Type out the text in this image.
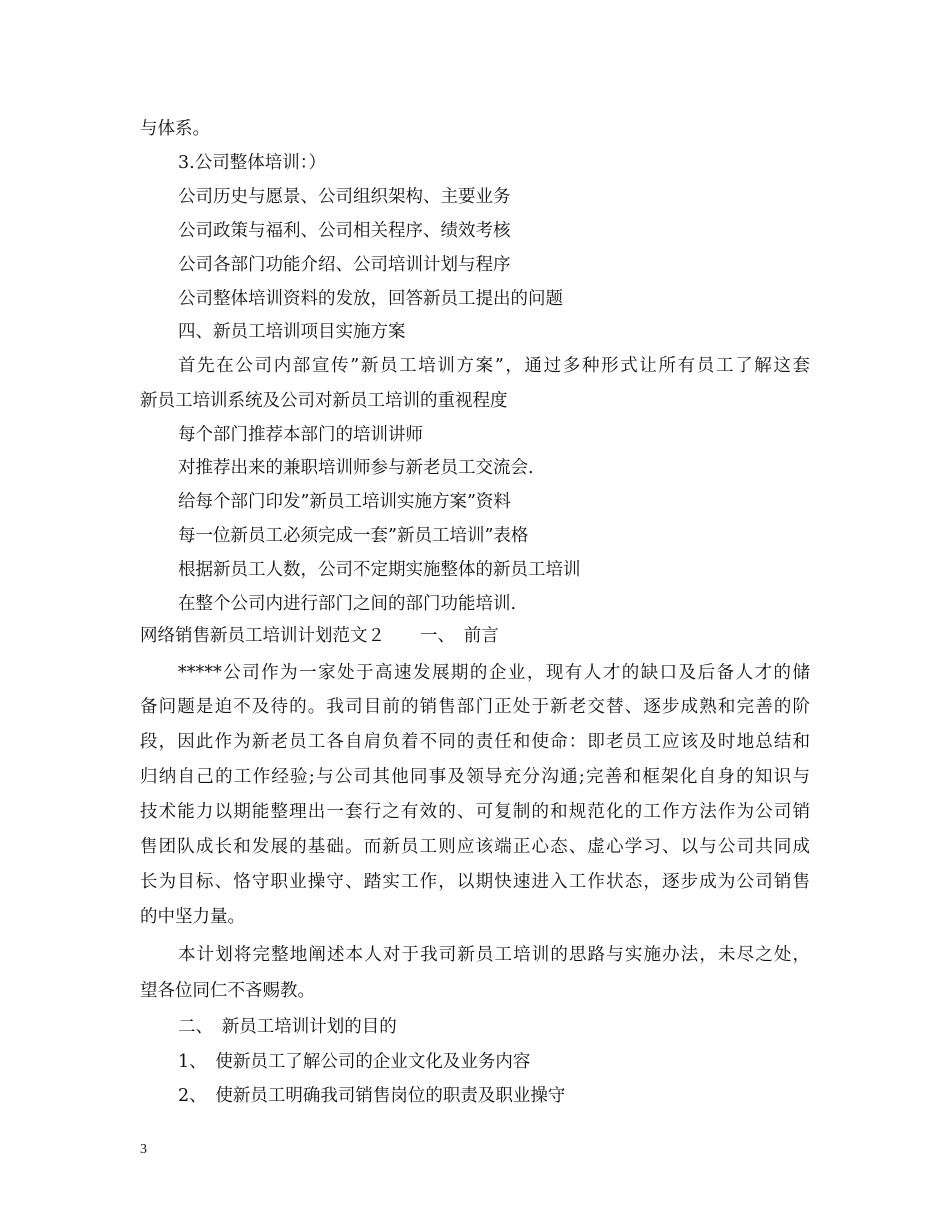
与体系。
3.公司整体培训：）
公司历史与愿景、公司组织架构、主要业务
公司政策与福利、公司相关程序、绩效考核
公司各部门功能介绍、公司培训计划与程序
公司整体培训资料的发放，回答新员工提出的问题
四、新员工培训项目实施方案
首先在公司内部宣传”新员工培训方案”，通过多种形式让所有员工了解这套
新员工培训系统及公司对新员工培训的重视程度
每个部门推荐本部门的培训讲师
对推荐出来的兼职培训师参与新老员工交流会.
给每个部门印发”新员工培训实施方案”资料
每一位新员工必须完成一套”新员工培训”表格
根据新员工人数，公司不定期实施整体的新员工培训
在整个公司内进行部门之间的部门功能培训.
网络销售新员工培训计划范文２　　一、　前言
*****公司作为一家处于高速发展期的企业，现有人才的缺口及后备人才的储
备问题是迫不及待的。我司目前的销售部门正处于新老交替、逐步成熟和完善的阶
段，因此作为新老员工各自肩负着不同的责任和使命：即老员工应该及时地总结和
归纳自己的工作经验;与公司其他同事及领导充分沟通;完善和框架化自身的知识与
技术能力以期能整理出一套行之有效的、可复制的和规范化的工作方法作为公司销
售团队成长和发展的基础。而新员工则应该端正心态、虚心学习、以与公司共同成
长为目标、恪守职业操守、踏实工作，以期快速进入工作状态，逐步成为公司销售
的中坚力量。
本计划将完整地阐述本人对于我司新员工培训的思路与实施办法，未尽之处，
望各位同仁不吝赐教。
二、　新员工培训计划的目的
1、　使新员工了解公司的企业文化及业务内容
2、　使新员工明确我司销售岗位的职责及职业操守
3
